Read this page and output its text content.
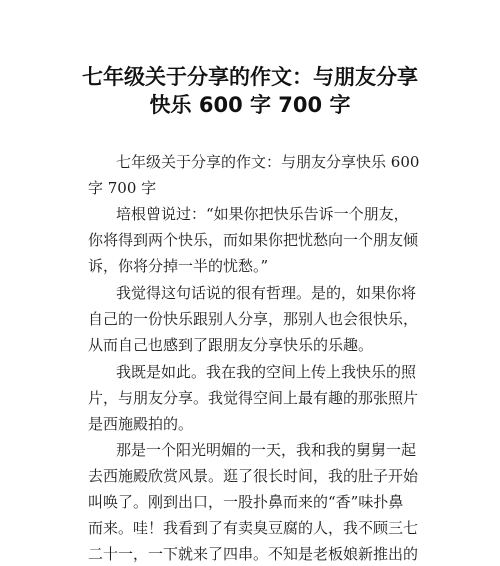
七年级关于分享的作文：与朋友分享
快乐 600 字 700 字
七年级关于分享的作文：与朋友分享快乐 600
字 700 字
培根曾说过：“如果你把快乐告诉一个朋友，
你将得到两个快乐，而如果你把忧愁向一个朋友倾
诉，你将分掉一半的忧愁。”
我觉得这句话说的很有哲理。是的，如果你将
自己的一份快乐跟别人分享，那别人也会很快乐，
从而自己也感到了跟朋友分享快乐的乐趣。
我既是如此。我在我的空间上传上我快乐的照
片，与朋友分享。我觉得空间上最有趣的那张照片
是西施殿拍的。
那是一个阳光明媚的一天，我和我的舅舅一起
去西施殿欣赏风景。逛了很长时间，我的肚子开始
叫唤了。刚到出口，一股扑鼻而来的“香”味扑鼻
而来。哇！我看到了有卖臭豆腐的人，我不顾三七
二十一，一下就来了四串。不知是老板娘新推出的
